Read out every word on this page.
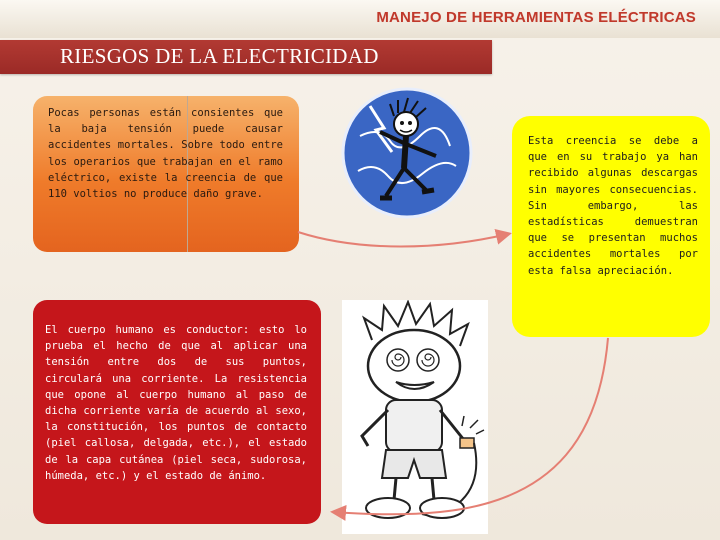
MANEJO DE HERRAMIENTAS ELÉCTRICAS
RIESGOS DE LA ELECTRICIDAD
Pocas personas están consientes que la baja tensión puede causar accidentes mortales. Sobre todo entre los operarios que trabajan en el ramo eléctrico, existe la creencia de que 110 voltios no produce daño grave.
Esta creencia se debe a que en su trabajo ya han recibido algunas descargas sin mayores consecuencias. Sin embargo, las estadísticas demuestran que se presentan muchos accidentes mortales por esta falsa apreciación.
El cuerpo humano es conductor: esto lo prueba el hecho de que al aplicar una tensión entre dos de sus puntos, circulará una corriente. La resistencia que opone al cuerpo humano al paso de dicha corriente varía de acuerdo al sexo, la constitución, los puntos de contacto (piel callosa, delgada, etc.), el estado de la capa cutánea (piel seca, sudorosa, húmeda, etc.) y el estado de ánimo.
